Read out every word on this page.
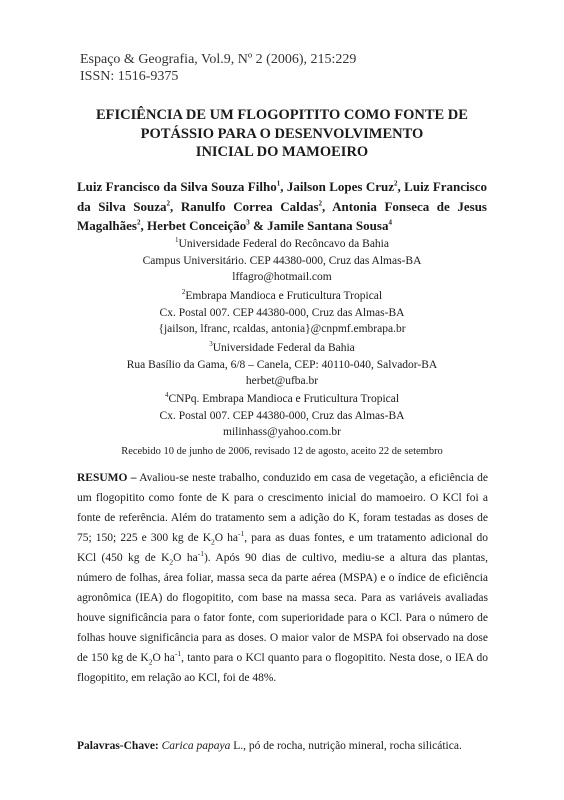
Espaço & Geografia, Vol.9, Nº 2 (2006), 215:229
ISSN: 1516-9375
EFICIÊNCIA DE UM FLOGOPITITO COMO FONTE DE
POTÁSSIO PARA O DESENVOLVIMENTO
INICIAL DO MAMOEIRO
Luiz Francisco da Silva Souza Filho$^1$, Jailson Lopes Cruz$^2$, Luiz Francisco da Silva Souza$^2$, Ranulfo Correa Caldas$^2$, Antonia Fonseca de Jesus Magalhães$^2$, Herbet Conceição$^3$ & Jamile Santana Sousa$^4$
$^1$Universidade Federal do Recôncavo da Bahia
Campus Universitário. CEP 44380-000, Cruz das Almas-BA
lffagro@hotmail.com
$^2$Embrapa Mandioca e Fruticultura Tropical
Cx. Postal 007. CEP 44380-000, Cruz das Almas-BA
{jailson, lfranc, rcaldas, antonia}@cnpmf.embrapa.br
$^3$Universidade Federal da Bahia
Rua Basílio da Gama, 6/8 – Canela, CEP: 40110-040, Salvador-BA
herbet@ufba.br
$^4$CNPq. Embrapa Mandioca e Fruticultura Tropical
Cx. Postal 007. CEP 44380-000, Cruz das Almas-BA
milinhass@yahoo.com.br
Recebido 10 de junho de 2006, revisado 12 de agosto, aceito 22 de setembro
RESUMO – Avaliou-se neste trabalho, conduzido em casa de vegetação, a eficiência de um flogopitito como fonte de K para o crescimento inicial do mamoeiro. O KCl foi a fonte de referência. Além do tratamento sem a adição do K, foram testadas as doses de 75; 150; 225 e 300 kg de $K_2O$ $ha^{-1}$, para as duas fontes, e um tratamento adicional do KCl (450 kg de $K_2O$ $ha^{-1}$). Após 90 dias de cultivo, mediu-se a altura das plantas, número de folhas, área foliar, massa seca da parte aérea (MSPA) e o índice de eficiência agronômica (IEA) do flogopitito, com base na massa seca. Para as variáveis avaliadas houve significância para o fator fonte, com superioridade para o KCl. Para o número de folhas houve significância para as doses. O maior valor de MSPA foi observado na dose de 150 kg de $K_2O$ $ha^{-1}$, tanto para o KCl quanto para o flogopitito. Nesta dose, o IEA do flogopitito, em relação ao KCl, foi de 48%.
Palavras-Chave: Carica papaya L., pó de rocha, nutrição mineral, rocha silicática.
